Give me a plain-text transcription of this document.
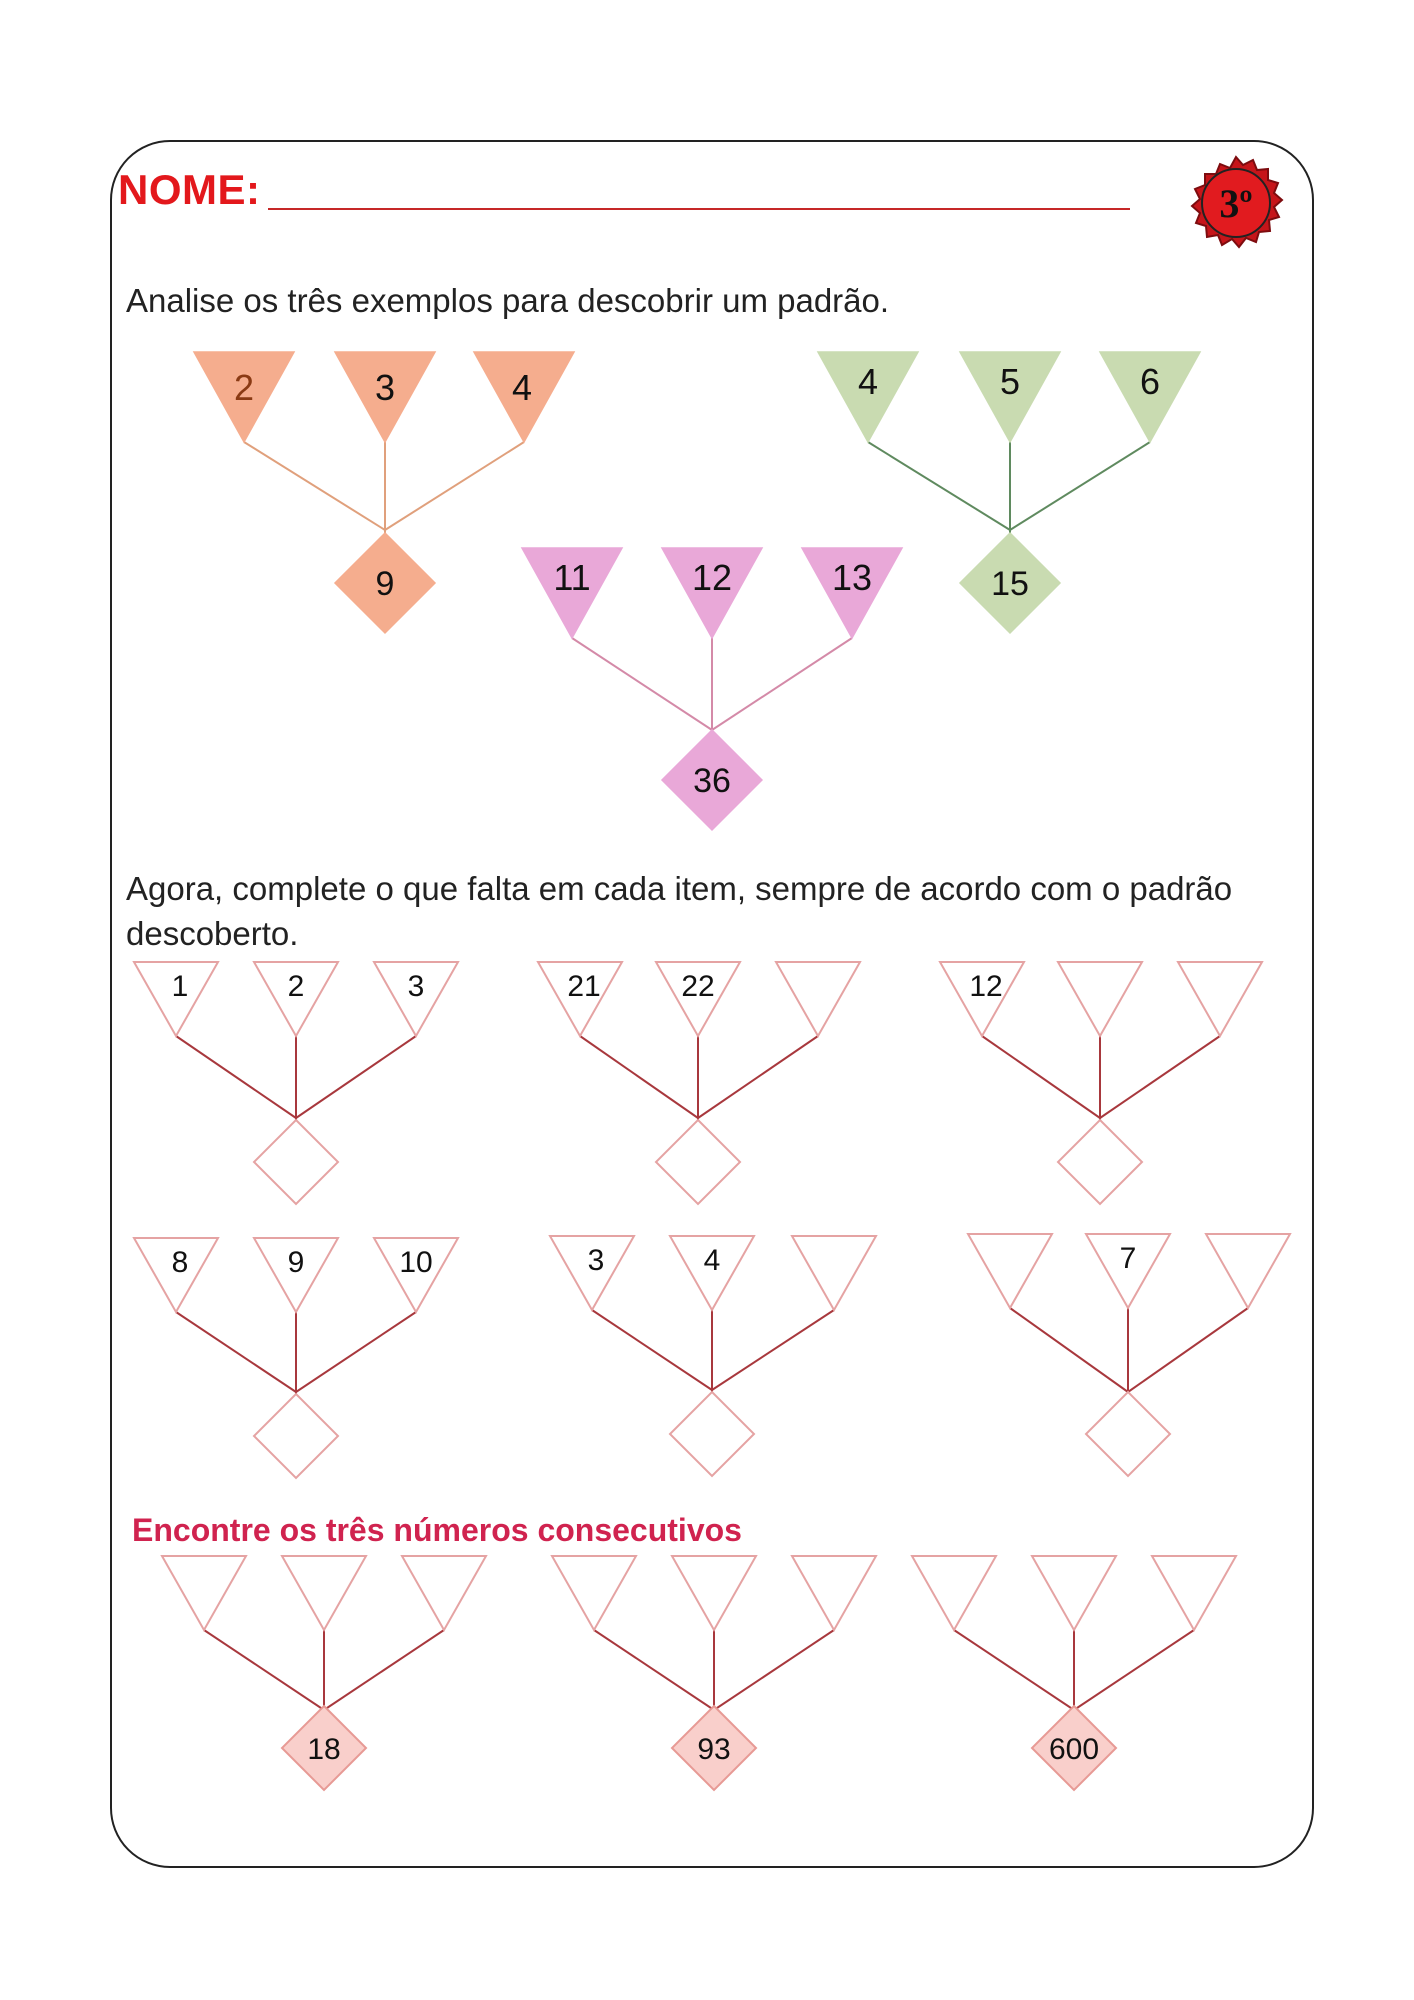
NOME:	3º
Analise os três exemplos para descobrir um padrão.
Agora, complete o que falta em cada item, sempre de acordo com o padrão descoberto.
Encontre os três números consecutivos
2	3	4
9
4	5	6
15
11	12	13
36
1	2	3	21	22	12
8	9	10	3	4	7
18	93	600
